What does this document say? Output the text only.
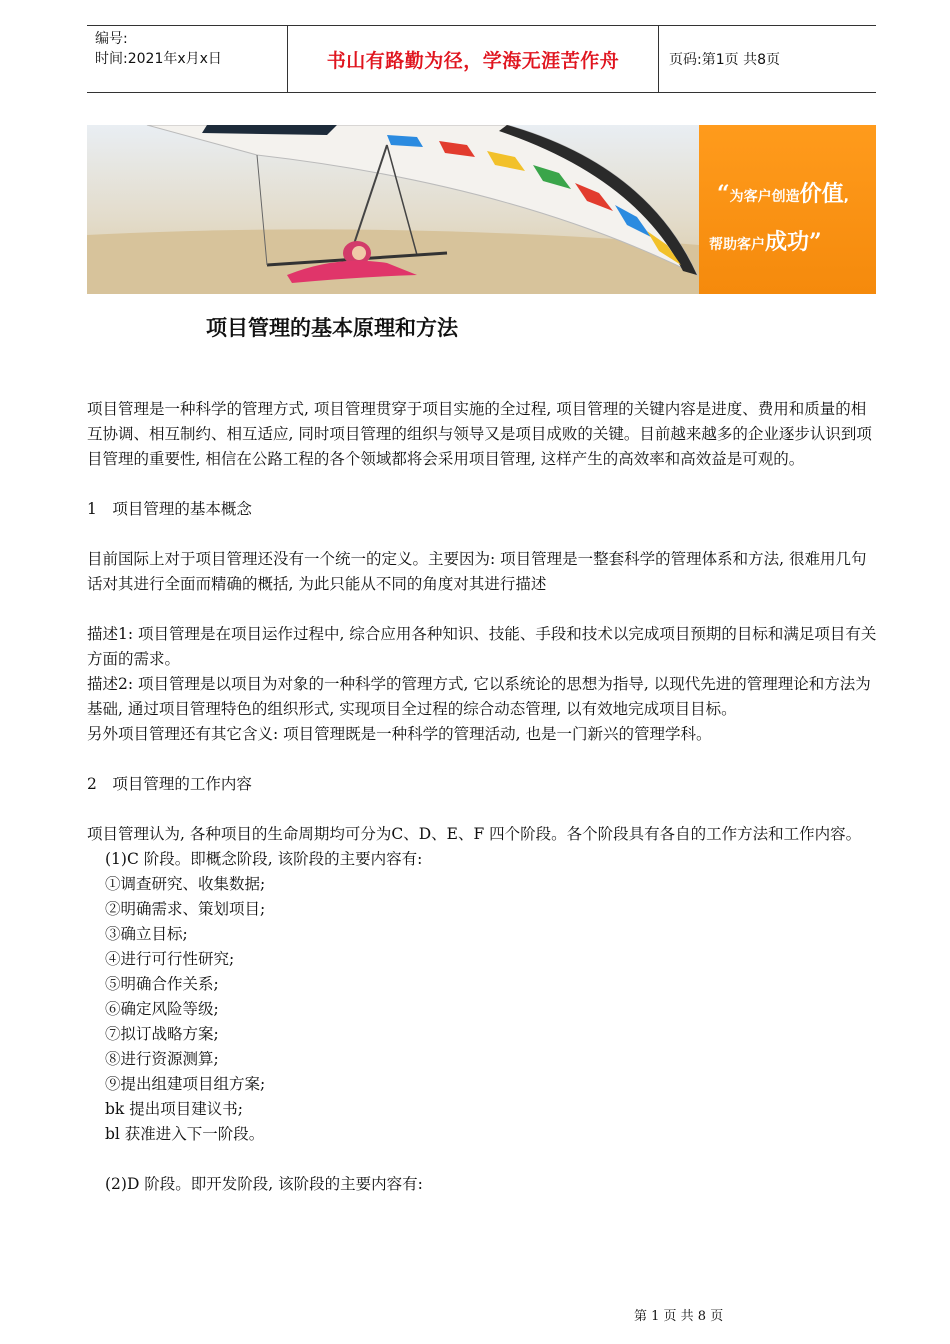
编号:
时间:2021年x月x日	书山有路勤为径，学海无涯苦作舟	页码:第1页 共8页
“为客户创造价值,
帮助客户成功”
项目管理的基本原理和方法

项目管理是一种科学的管理方式, 项目管理贯穿于项目实施的全过程, 项目管理的关键内容是进度、费用和质量的相互协调、相互制约、相互适应, 同时项目管理的组织与领导又是项目成败的关键。目前越来越多的企业逐步认识到项目管理的重要性, 相信在公路工程的各个领域都将会采用项目管理, 这样产生的高效率和高效益是可观的。

1　项目管理的基本概念

目前国际上对于项目管理还没有一个统一的定义。主要因为: 项目管理是一整套科学的管理体系和方法, 很难用几句话对其进行全面而精确的概括, 为此只能从不同的角度对其进行描述

描述1: 项目管理是在项目运作过程中, 综合应用各种知识、技能、手段和技术以完成项目预期的目标和满足项目有关方面的需求。

描述2: 项目管理是以项目为对象的一种科学的管理方式, 它以系统论的思想为指导, 以现代先进的管理理论和方法为基础, 通过项目管理特色的组织形式, 实现项目全过程的综合动态管理, 以有效地完成项目目标。

另外项目管理还有其它含义: 项目管理既是一种科学的管理活动, 也是一门新兴的管理学科。

2　项目管理的工作内容

项目管理认为, 各种项目的生命周期均可分为C、D、E、F 四个阶段。各个阶段具有各自的工作方法和工作内容。

(1)C 阶段。即概念阶段, 该阶段的主要内容有:

①调查研究、收集数据;

②明确需求、策划项目;

③确立目标;

④进行可行性研究;

⑤明确合作关系;

⑥确定风险等级;

⑦拟订战略方案;

⑧进行资源测算;

⑨提出组建项目组方案;

bk 提出项目建议书;

bl 获准进入下一阶段。

(2)D 阶段。即开发阶段, 该阶段的主要内容有:

第 1 页 共 8 页
